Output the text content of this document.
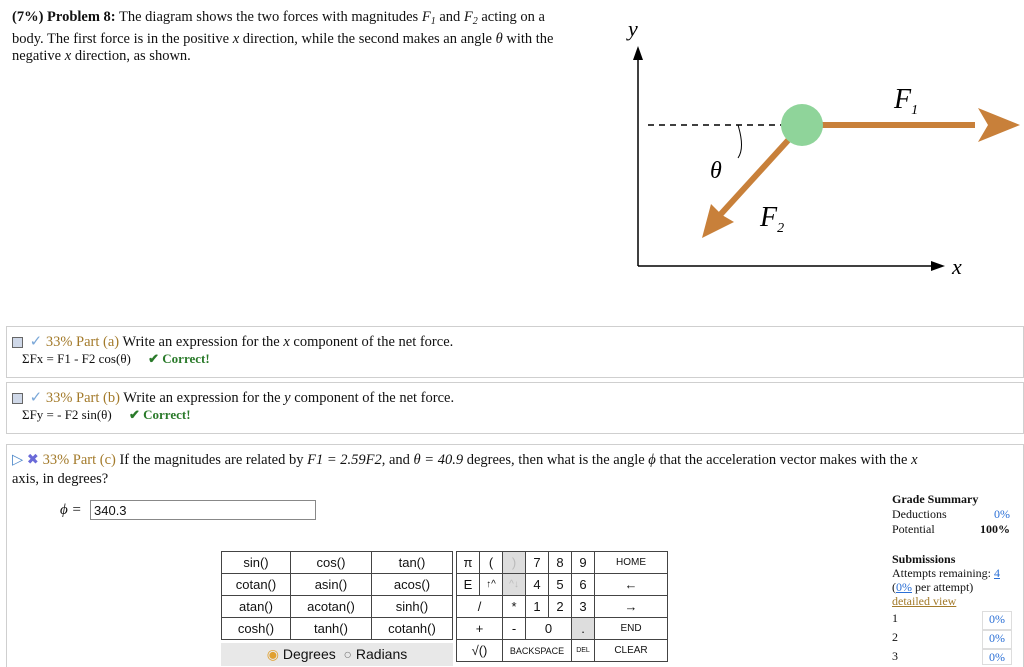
(7%) Problem 8: The diagram shows the two forces with magnitudes $F_1$ and $F_2$ acting on a
body. The first force is in the positive x direction, while the second makes an angle θ with the
negative x direction, as shown.
y
x
θ
$F_1$
$F_2$
✓ 33% Part (a) Write an expression for the x component of the net force.
ΣFx = F1 - F2 cos(θ) ✔ Correct!
✓ 33% Part (b) Write an expression for the y component of the net force.
ΣFy = - F2 sin(θ) ✔ Correct!
▷ ✖ 33% Part (c) If the magnitudes are related by F1 = 2.59F2, and θ = 40.9 degrees, then what is the angle ϕ that the acceleration vector makes with the x
axis, in degrees?
ϕ = 340.3
sin()	cos()	tan()
cotan()	asin()	acos()
atan()	acotan()	sinh()
cosh()	tanh()	cotanh()
◉ Degrees ○ Radians
π	(	)	7	8	9	HOME
E	↑^	^↓	4	5	6	←
/		*	1	2	3	→
+		-	0		.	END
√()		BACKSPACE			DEL	CLEAR
Grade Summary
Deductions	0%
Potential	100%
Submissions
Attempts remaining: 4
(0% per attempt)
detailed view
1	0%
2	0%
3	0%
